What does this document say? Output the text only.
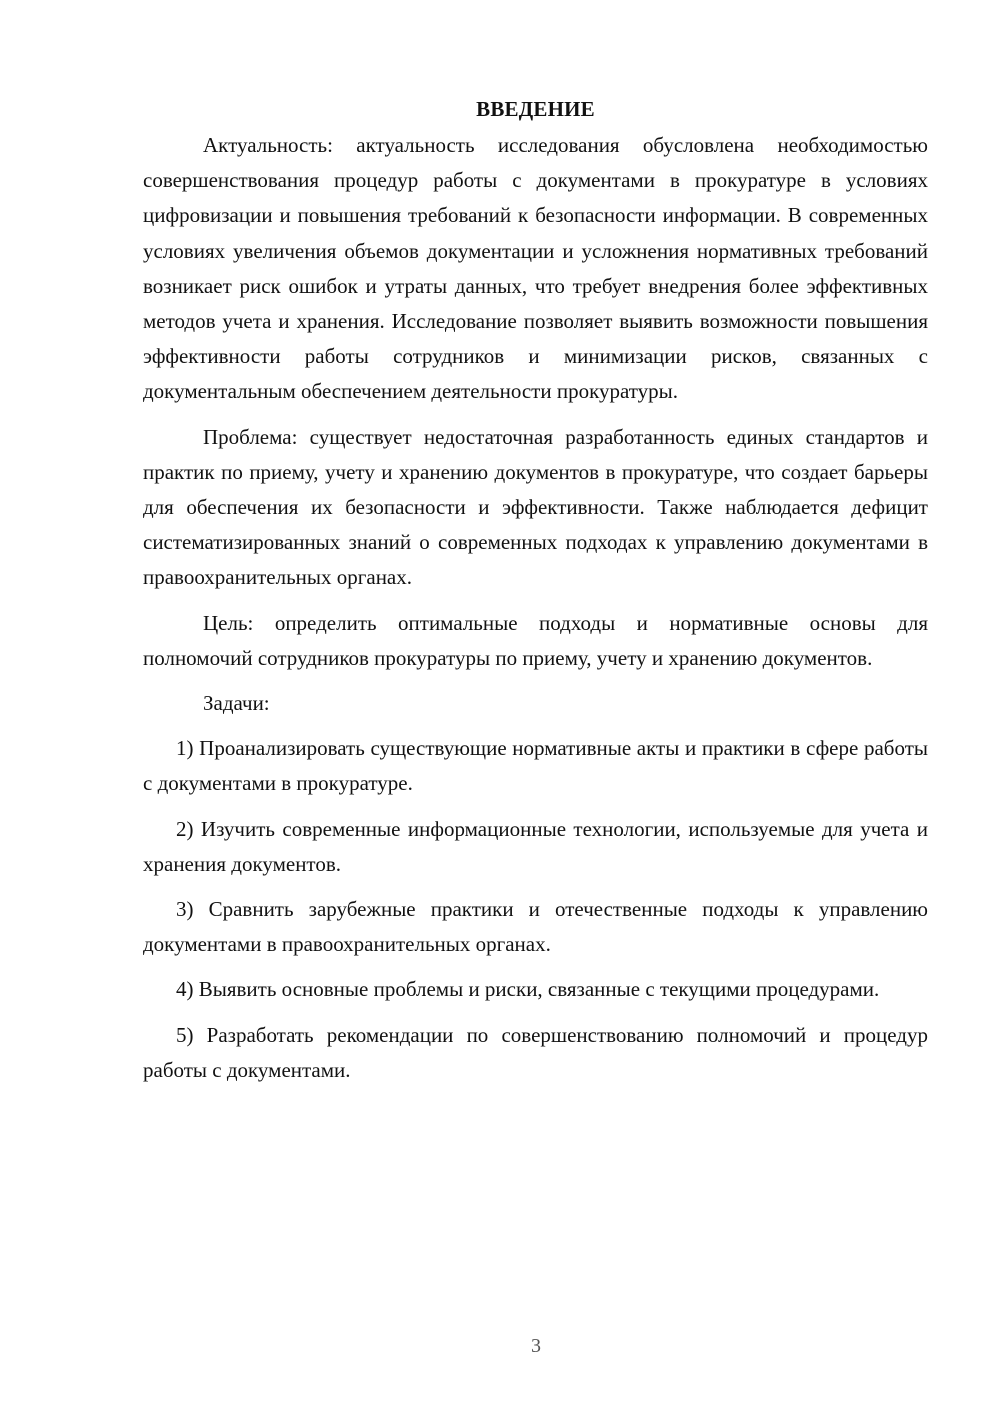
ВВЕДЕНИЕ

Актуальность: актуальность исследования обусловлена необходимостью совершенствования процедур работы с документами в прокуратуре в условиях цифровизации и повышения требований к безопасности информации. В современных условиях увеличения объемов документации и усложнения нормативных требований возникает риск ошибок и утраты данных, что требует внедрения более эффективных методов учета и хранения. Исследование позволяет выявить возможности повышения эффективности работы сотрудников и минимизации рисков, связанных с документальным обеспечением деятельности прокуратуры.

Проблема: существует недостаточная разработанность единых стандартов и практик по приему, учету и хранению документов в прокуратуре, что создает барьеры для обеспечения их безопасности и эффективности. Также наблюдается дефицит систематизированных знаний о современных подходах к управлению документами в правоохранительных органах.

Цель: определить оптимальные подходы и нормативные основы для полномочий сотрудников прокуратуры по приему, учету и хранению документов.

Задачи:

1) Проанализировать существующие нормативные акты и практики в сфере работы с документами в прокуратуре.

2) Изучить современные информационные технологии, используемые для учета и хранения документов.

3) Сравнить зарубежные практики и отечественные подходы к управлению документами в правоохранительных органах.

4) Выявить основные проблемы и риски, связанные с текущими процедурами.

5) Разработать рекомендации по совершенствованию полномочий и процедур работы с документами.

3
